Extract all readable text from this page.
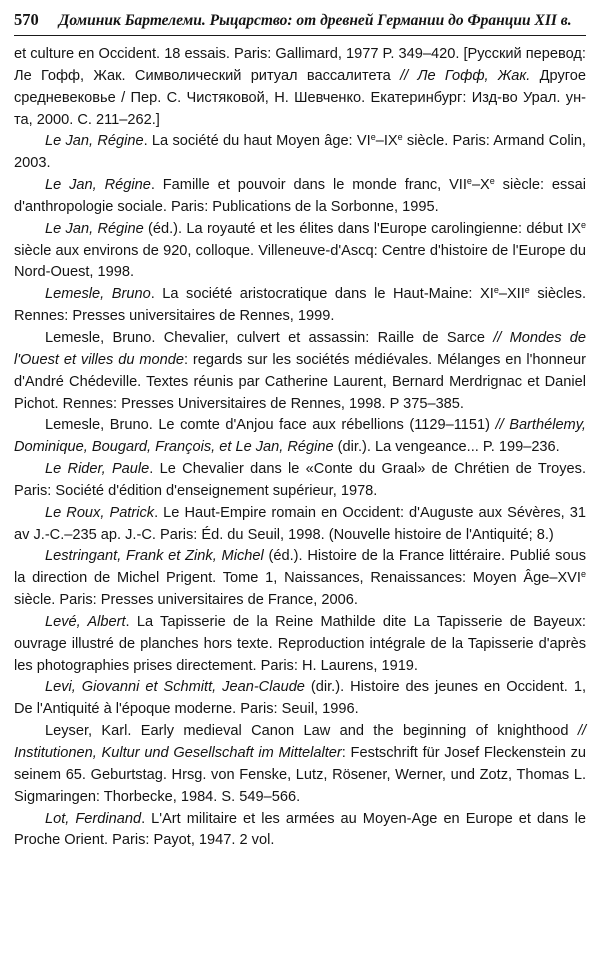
570 Доминик Бартелеми. Рыцарство: от древней Германии до Франции XII в.

et culture en Occident. 18 essais. Paris: Gallimard, 1977 P. 349–420. [Русский перевод: Ле Гофф, Жак. Символический ритуал вассалитета // Ле Гофф, Жак. Другое средневековье / Пер. С. Чистяковой, Н. Шевченко. Екатеринбург: Изд-во Урал. ун-та, 2000. С. 211–262.]

Le Jan, Régine. La société du haut Moyen âge: VIe–IXe siècle. Paris: Armand Colin, 2003.

Le Jan, Régine. Famille et pouvoir dans le monde franc, VIIe–Xe siècle: essai d'anthropologie sociale. Paris: Publications de la Sorbonne, 1995.

Le Jan, Régine (éd.). La royauté et les élites dans l'Europe carolingienne: début IXe siècle aux environs de 920, colloque. Villeneuve-d'Ascq: Centre d'histoire de l'Europe du Nord-Ouest, 1998.

Lemesle, Bruno. La société aristocratique dans le Haut-Maine: XIe–XIIe siècles. Rennes: Presses universitaires de Rennes, 1999.

Lemesle, Bruno. Chevalier, culvert et assassin: Raille de Sarce // Mondes de l'Ouest et villes du monde: regards sur les sociétés médiévales. Mélanges en l'honneur d'André Chédeville. Textes réunis par Catherine Laurent, Bernard Merdrignac et Daniel Pichot. Rennes: Presses Universitaires de Rennes, 1998. P 375–385.

Lemesle, Bruno. Le comte d'Anjou face aux rébellions (1129–1151) // Barthélemy, Dominique, Bougard, François, et Le Jan, Régine (dir.). La vengeance... P. 199–236.

Le Rider, Paule. Le Chevalier dans le «Conte du Graal» de Chrétien de Troyes. Paris: Société d'édition d'enseignement supérieur, 1978.

Le Roux, Patrick. Le Haut-Empire romain en Occident: d'Auguste aux Sévères, 31 av J.-C.–235 ap. J.-C. Paris: Éd. du Seuil, 1998. (Nouvelle histoire de l'Antiquité; 8.)

Lestringant, Frank et Zink, Michel (éd.). Histoire de la France littéraire. Publié sous la direction de Michel Prigent. Tome 1, Naissances, Renaissances: Moyen Âge–XVIe siècle. Paris: Presses universitaires de France, 2006.

Levé, Albert. La Tapisserie de la Reine Mathilde dite La Tapisserie de Bayeux: ouvrage illustré de planches hors texte. Reproduction intégrale de la Tapisserie d'après les photographies prises directement. Paris: H. Laurens, 1919.

Levi, Giovanni et Schmitt, Jean-Claude (dir.). Histoire des jeunes en Occident. 1, De l'Antiquité à l'époque moderne. Paris: Seuil, 1996.

Leyser, Karl. Early medieval Canon Law and the beginning of knighthood // Institutionen, Kultur und Gesellschaft im Mittelalter: Festschrift für Josef Fleckenstein zu seinem 65. Geburtstag. Hrsg. von Fenske, Lutz, Rösener, Werner, und Zotz, Thomas L. Sigmaringen: Thorbecke, 1984. S. 549–566.

Lot, Ferdinand. L'Art militaire et les armées au Moyen-Age en Europe et dans le Proche Orient. Paris: Payot, 1947. 2 vol.
